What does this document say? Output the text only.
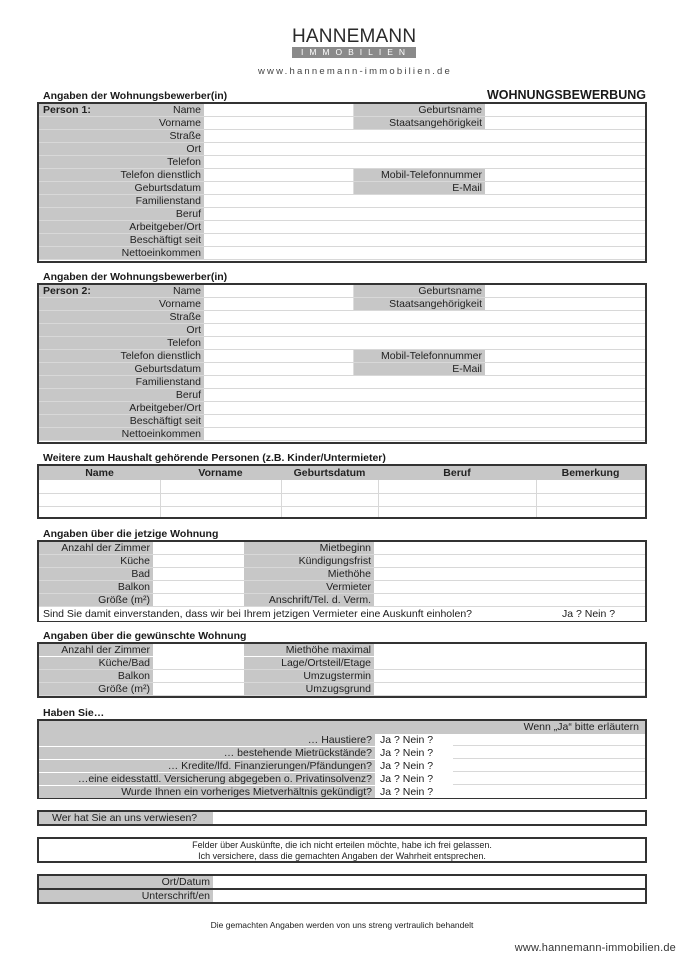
HANNEMANN
IMMOBILIEN
www.hannemann-immobilien.de
WOHNUNGSBEWERBUNG
Angaben der Wohnungsbewerber(in)
Name	Geburtsname
Vorname	Staatsangehörigkeit
Straße
Ort
Telefon
Telefon dienstlich	Mobil-Telefonnummer
Geburtsdatum	E-Mail
Familienstand
Beruf
Arbeitgeber/Ort
Beschäftigt seit
Nettoeinkommen
Person 1:
Angaben der Wohnungsbewerber(in)
Name	Geburtsname
Vorname	Staatsangehörigkeit
Straße
Ort
Telefon
Telefon dienstlich	Mobil-Telefonnummer
Geburtsdatum	E-Mail
Familienstand
Beruf
Arbeitgeber/Ort
Beschäftigt seit
Nettoeinkommen
Person 2:
Weitere zum Haushalt gehörende Personen (z.B. Kinder/Untermieter)
Name	Vorname	Geburtsdatum	Beruf	Bemerkung
Angaben über die jetzige Wohnung
Größe (m²)	Anschrift/Tel. d. Verm.
Balkon	Vermieter
Bad	Miethöhe
Küche	Kündigungsfrist
Anzahl der Zimmer	Mietbeginn
Sind Sie damit einverstanden, dass wir bei Ihrem jetzigen Vermieter eine Auskunft einholen?	Ja ? Nein ?
Angaben über die gewünschte Wohnung
Größe (m²)	Umzugsgrund
Balkon	Umzugstermin
Küche/Bad	Lage/Ortsteil/Etage
Anzahl der Zimmer	Miethöhe maximal
Haben Sie…
Wenn „Ja“ bitte erläutern
… Haustiere? Ja ? Nein ?
… bestehende Mietrückstände? Ja ? Nein ?
… Kredite/lfd. Finanzierungen/Pfändungen? Ja ? Nein ?
…eine eidesstattl. Versicherung abgegeben o. Privatinsolvenz? Ja ? Nein ?
Wurde Ihnen ein vorheriges Mietverhältnis gekündigt? Ja ? Nein ?
Wer hat Sie an uns verwiesen?
Felder über Auskünfte, die ich nicht erteilen möchte, habe ich frei gelassen.
Ich versichere, dass die gemachten Angaben der Wahrheit entsprechen.
Ort/Datum
Unterschrift/en
Die gemachten Angaben werden von uns streng vertraulich behandelt
www.hannemann-immobilien.de
